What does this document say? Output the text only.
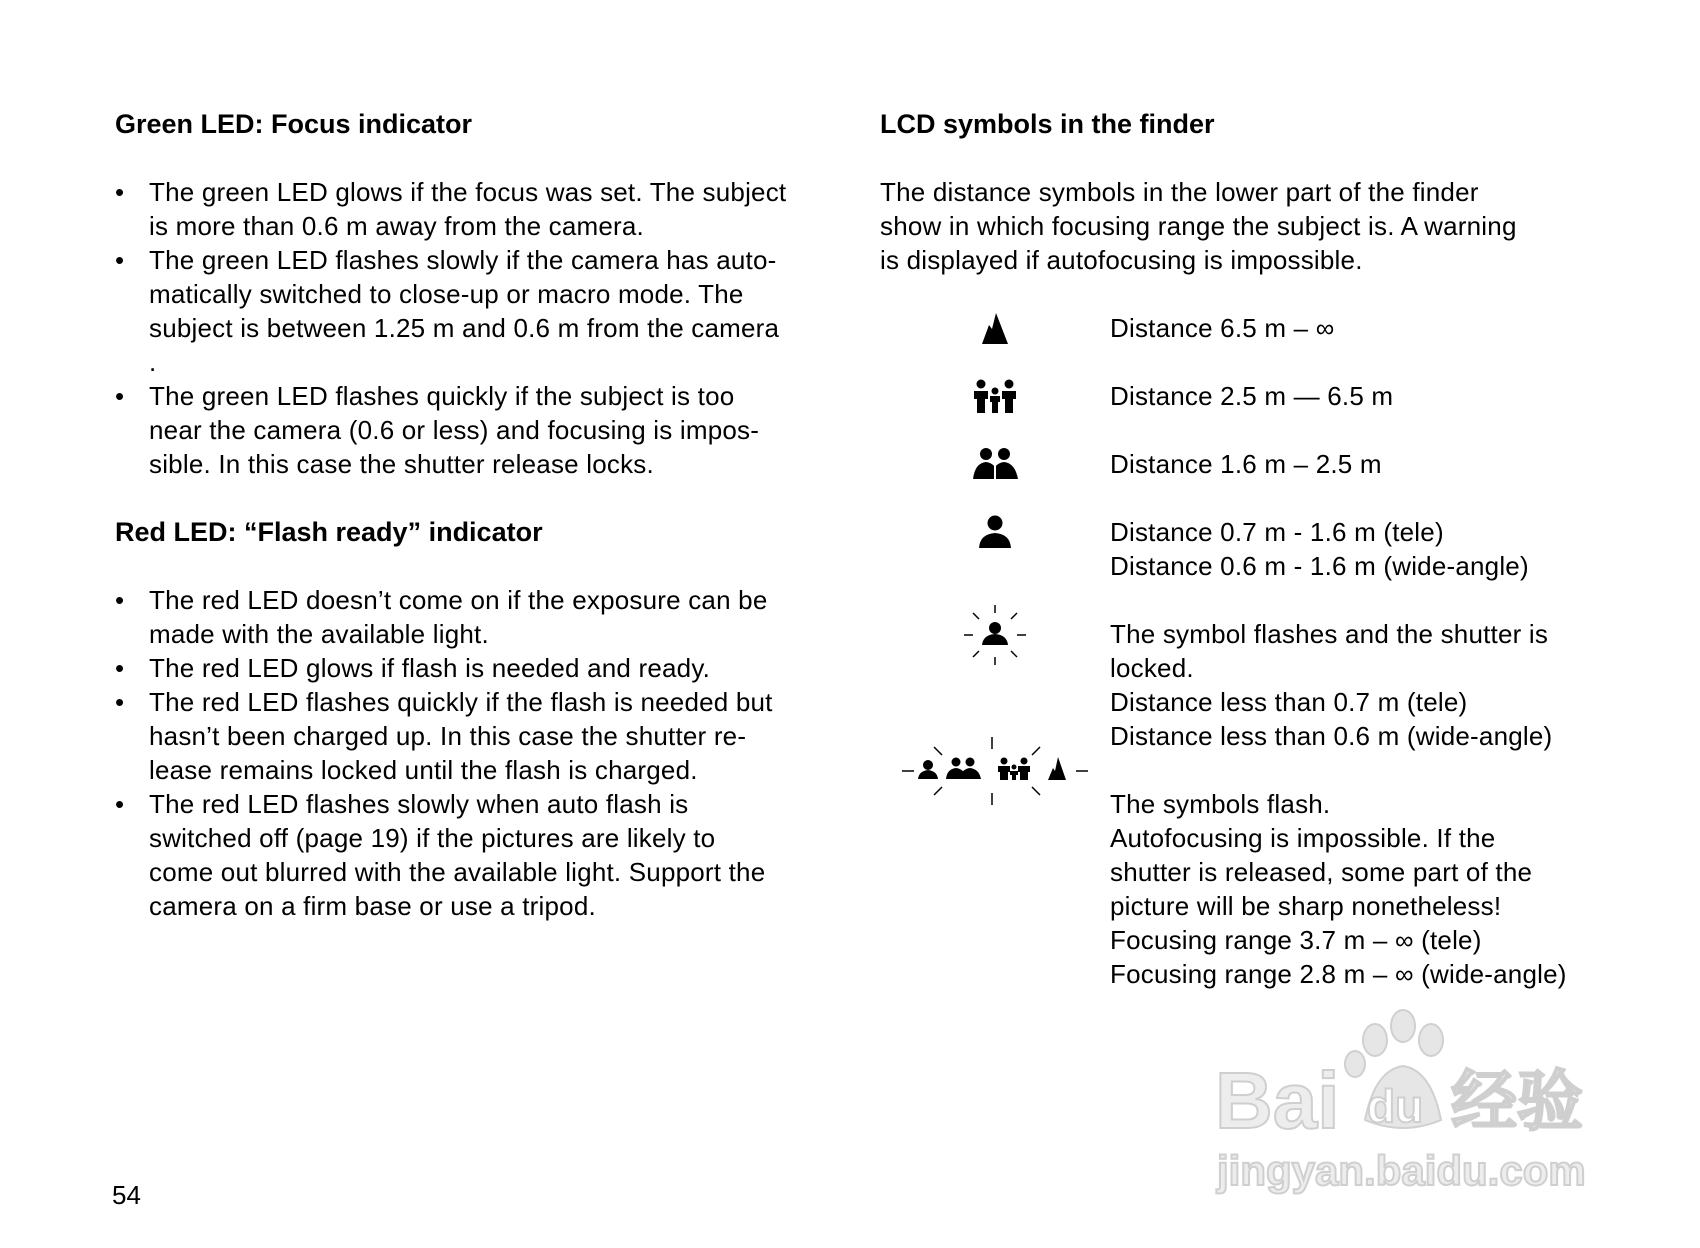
Green LED: Focus indicator
• The green LED glows if the focus was set. The subject
is more than 0.6 m away from the camera.
• The green LED flashes slowly if the camera has auto-
matically switched to close-up or macro mode. The
subject is between 1.25 m and 0.6 m from the camera
.
• The green LED flashes quickly if the subject is too
near the camera (0.6 or less) and focusing is impos-
sible. In this case the shutter release locks.
Red LED: “Flash ready” indicator
• The red LED doesn’t come on if the exposure can be
made with the available light.
• The red LED glows if flash is needed and ready.
• The red LED flashes quickly if the flash is needed but
hasn’t been charged up. In this case the shutter re-
lease remains locked until the flash is charged.
• The red LED flashes slowly when auto flash is
switched off (page 19) if the pictures are likely to
come out blurred with the available light. Support the
camera on a firm base or use a tripod.
LCD symbols in the finder
The distance symbols in the lower part of the finder
show in which focusing range the subject is. A warning
is displayed if autofocusing is impossible.
Distance 6.5 m – ∞
Distance 2.5 m — 6.5 m
Distance 1.6 m – 2.5 m
Distance 0.7 m - 1.6 m (tele)
Distance 0.6 m - 1.6 m (wide-angle)
The symbol flashes and the shutter is
locked.
Distance less than 0.7 m (tele)
Distance less than 0.6 m (wide-angle)
The symbols flash.
Autofocusing is impossible. If the
shutter is released, some part of the
picture will be sharp nonetheless!
Focusing range 3.7 m – ∞ (tele)
Focusing range 2.8 m – ∞ (wide-angle)
54
Bai du 经验
jingyan.baidu.com
